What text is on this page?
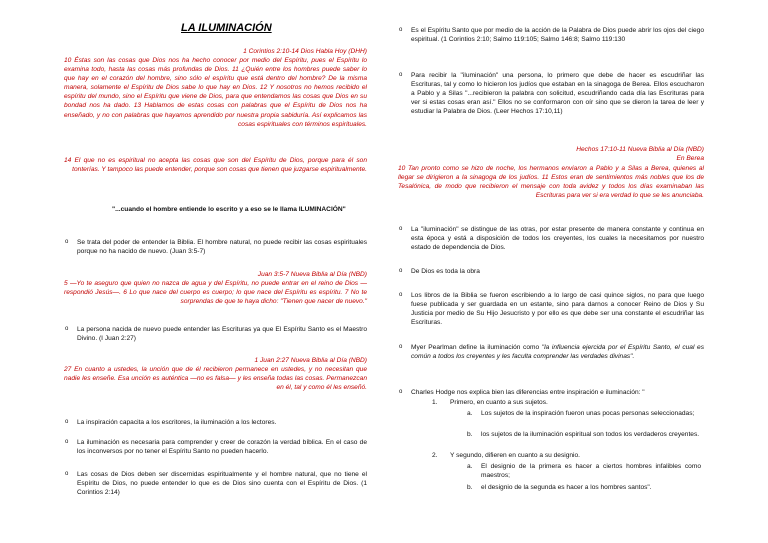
LA ILUMINACIÓN
1 Corintios 2:10-14 Dios Habla Hoy (DHH)
10 Éstas son las cosas que Dios nos ha hecho conocer por medio del Espíritu, pues el Espíritu lo examina todo, hasta las cosas más profundas de Dios. 11 ¿Quién entre los hombres puede saber lo que hay en el corazón del hombre, sino sólo el espíritu que está dentro del hombre? De la misma manera, solamente el Espíritu de Dios sabe lo que hay en Dios. 12 Y nosotros no hemos recibido el espíritu del mundo, sino el Espíritu que viene de Dios, para que entendamos las cosas que Dios en su bondad nos ha dado. 13 Hablamos de estas cosas con palabras que el Espíritu de Dios nos ha enseñado, y no con palabras que hayamos aprendido por nuestra propia sabiduría. Así explicamos las cosas espirituales con términos espirituales.
14 El que no es espiritual no acepta las cosas que son del Espíritu de Dios, porque para él son tonterías. Y tampoco las puede entender, porque son cosas que tienen que juzgarse espiritualmente.
"...cuando el hombre entiende lo escrito y a eso se le llama ILUMINACIÓN"
o Se trata del poder de entender la Biblia. El hombre natural, no puede recibir las cosas espirituales porque no ha nacido de nuevo. (Juan 3:5-7)
Juan 3:5-7 Nueva Biblia al Día (NBD)
5 —Yo te aseguro que quien no nazca de agua y del Espíritu, no puede entrar en el reino de Dios —respondió Jesús—. 6 Lo que nace del cuerpo es cuerpo; lo que nace del Espíritu es espíritu. 7 No te sorprendas de que te haya dicho: "Tienen que nacer de nuevo."
o La persona nacida de nuevo puede entender las Escrituras ya que El Espíritu Santo es el Maestro Divino. (I Juan 2:27)
1 Juan 2:27 Nueva Biblia al Día (NBD)
27 En cuanto a ustedes, la unción que de él recibieron permanece en ustedes, y no necesitan que nadie les enseñe. Esa unción es auténtica —no es falsa— y les enseña todas las cosas. Permanezcan en él, tal y como él les enseñó.
o La inspiración capacita a los escritores, la iluminación a los lectores.
o La iluminación es necesaria para comprender y creer de corazón la verdad bíblica. En el caso de los inconversos por no tener el Espíritu Santo no pueden hacerlo.
o Las cosas de Dios deben ser discernidas espiritualmente y el hombre natural, que no tiene el Espíritu de Dios, no puede entender lo que es de Dios sino cuenta con el Espíritu de Dios. (1 Corintios 2:14)
o Es el Espíritu Santo que por medio de la acción de la Palabra de Dios puede abrir los ojos del ciego espiritual. (1 Corintios 2:10; Salmo 119:105; Salmo 146:8; Salmo 119:130
o Para recibir la "iluminación" una persona, lo primero que debe de hacer es escudriñar las Escrituras, tal y como lo hicieron los judíos que estaban en la sinagoga de Berea. Ellos escucharon a Pablo y a Silas "...recibieron la palabra con solicitud, escudriñando cada día las Escrituras para ver si estas cosas eran así." Ellos no se conformaron con oír sino que se dieron la tarea de leer y estudiar la Palabra de Dios. (Leer Hechos 17:10,11)
Hechos 17:10-11 Nueva Biblia al Día (NBD)
En Berea
10 Tan pronto como se hizo de noche, los hermanos enviaron a Pablo y a Silas a Berea, quienes al llegar se dirigieron a la sinagoga de los judíos. 11 Estos eran de sentimientos más nobles que los de Tesalónica, de modo que recibieron el mensaje con toda avidez y todos los días examinaban las Escrituras para ver si era verdad lo que se les anunciaba.
o La "iluminación" se distingue de las otras, por estar presente de manera constante y continua en esta época y está a disposición de todos los creyentes, los cuales la necesitamos por nuestro estado de dependencia de Dios.
o De Dios es toda la obra
o Los libros de la Biblia se fueron escribiendo a lo largo de casi quince siglos, no para que luego fuese publicada y ser guardada en un estante, sino para darnos a conocer Reino de Dios y Su Justicia por medio de Su Hijo Jesucristo y por ello es que debe ser una constante el escudriñar las Escrituras.
o Myer Pearlman define la iluminación como "la influencia ejercida por el Espíritu Santo, el cual es común a todos los creyentes y les faculta comprender las verdades divinas".
o Charles Hodge nos explica bien las diferencias entre inspiración e iluminación: "
1. Primero, en cuanto a sus sujetos.
a. Los sujetos de la inspiración fueron unas pocas personas seleccionadas;
b. los sujetos de la iluminación espiritual son todos los verdaderos creyentes.
2. Y segundo, difieren en cuanto a su designio.
a. El designio de la primera es hacer a ciertos hombres infalibles como maestros;
b. el designio de la segunda es hacer a los hombres santos".
